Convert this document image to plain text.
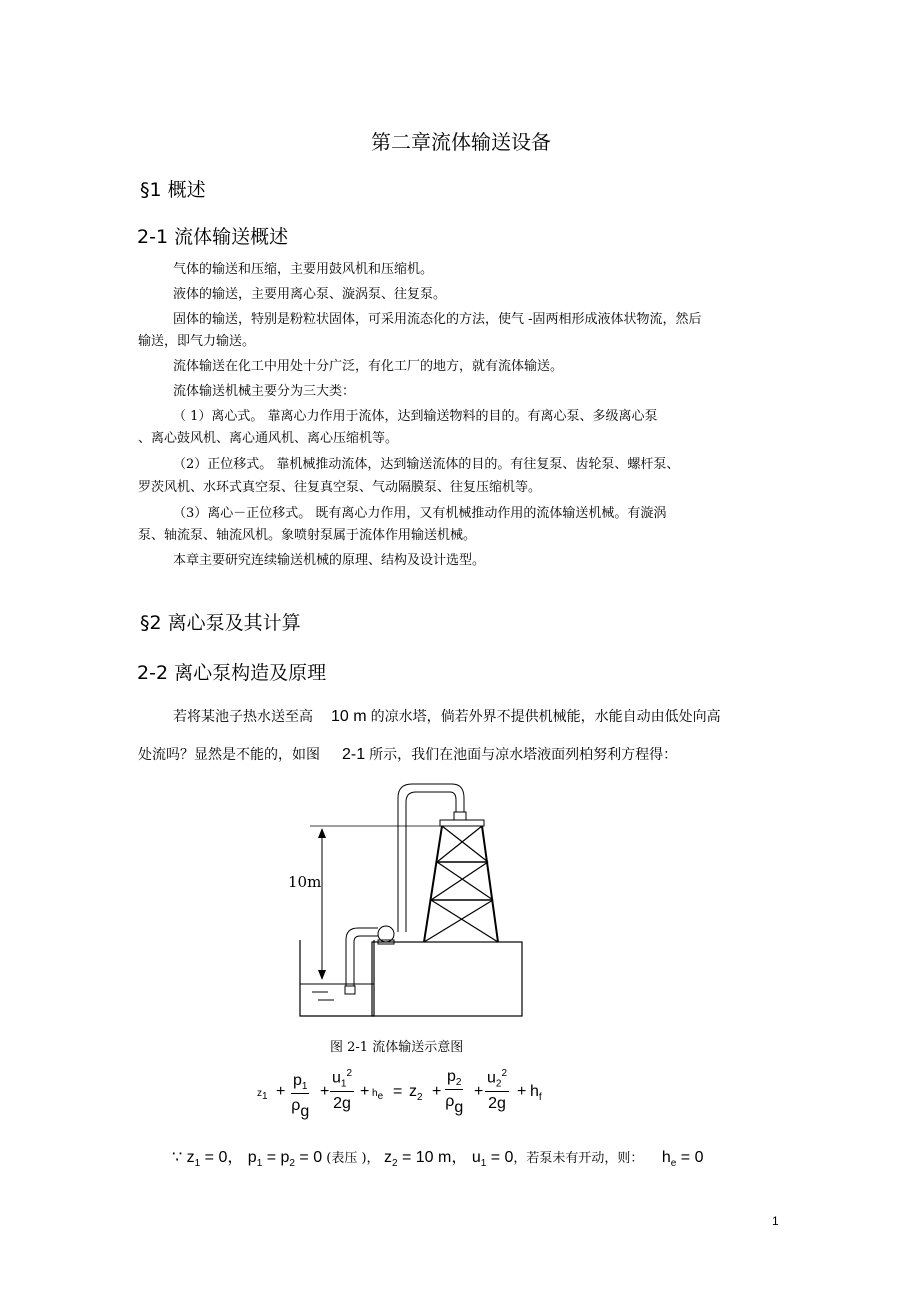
第二章流体输送设备
§1 概述
2-1 流体输送概述
气体的输送和压缩，主要用鼓风机和压缩机。
液体的输送，主要用离心泵、漩涡泵、往复泵。
固体的输送，特别是粉粒状固体，可采用流态化的方法，使气 -固两相形成液体状物流，然后
输送，即气力输送。
流体输送在化工中用处十分广泛，有化工厂的地方，就有流体输送。
流体输送机械主要分为三大类：
（ 1）离心式。 靠离心力作用于流体，达到输送物料的目的。有离心泵、多级离心泵
、离心鼓风机、离心通风机、离心压缩机等。
（2）正位移式。 靠机械推动流体，达到输送流体的目的。有往复泵、齿轮泵、螺杆泵、
罗茨风机、水环式真空泵、往复真空泵、气动隔膜泵、往复压缩机等。
（3）离心－正位移式。 既有离心力作用，又有机械推动作用的流体输送机械。有漩涡
泵、轴流泵、轴流风机。象喷射泵属于流体作用输送机械。
本章主要研究连续输送机械的原理、结构及设计选型。
§2 离心泵及其计算
2-2 离心泵构造及原理
若将某池子热水送至高 10 m 的凉水塔，倘若外界不提供机械能，水能自动由低处向高
处流吗？显然是不能的，如图 2-1 所示，我们在池面与凉水塔液面列柏努利方程得：
10m
图 2-1 流体输送示意图
$z_1 + \frac{p_1}{\rho g} + \frac{u_1^2}{2g} + h_e = z_2 + \frac{p_2}{\rho g} + \frac{u_2^2}{2g} + h_f$
∵ $z_1 = 0$， $p_1 = p_2 = 0$ (表压 )， $z_2 = 10$ m， $u_1 = 0$，若泵未有开动，则： $h_e = 0$
1
